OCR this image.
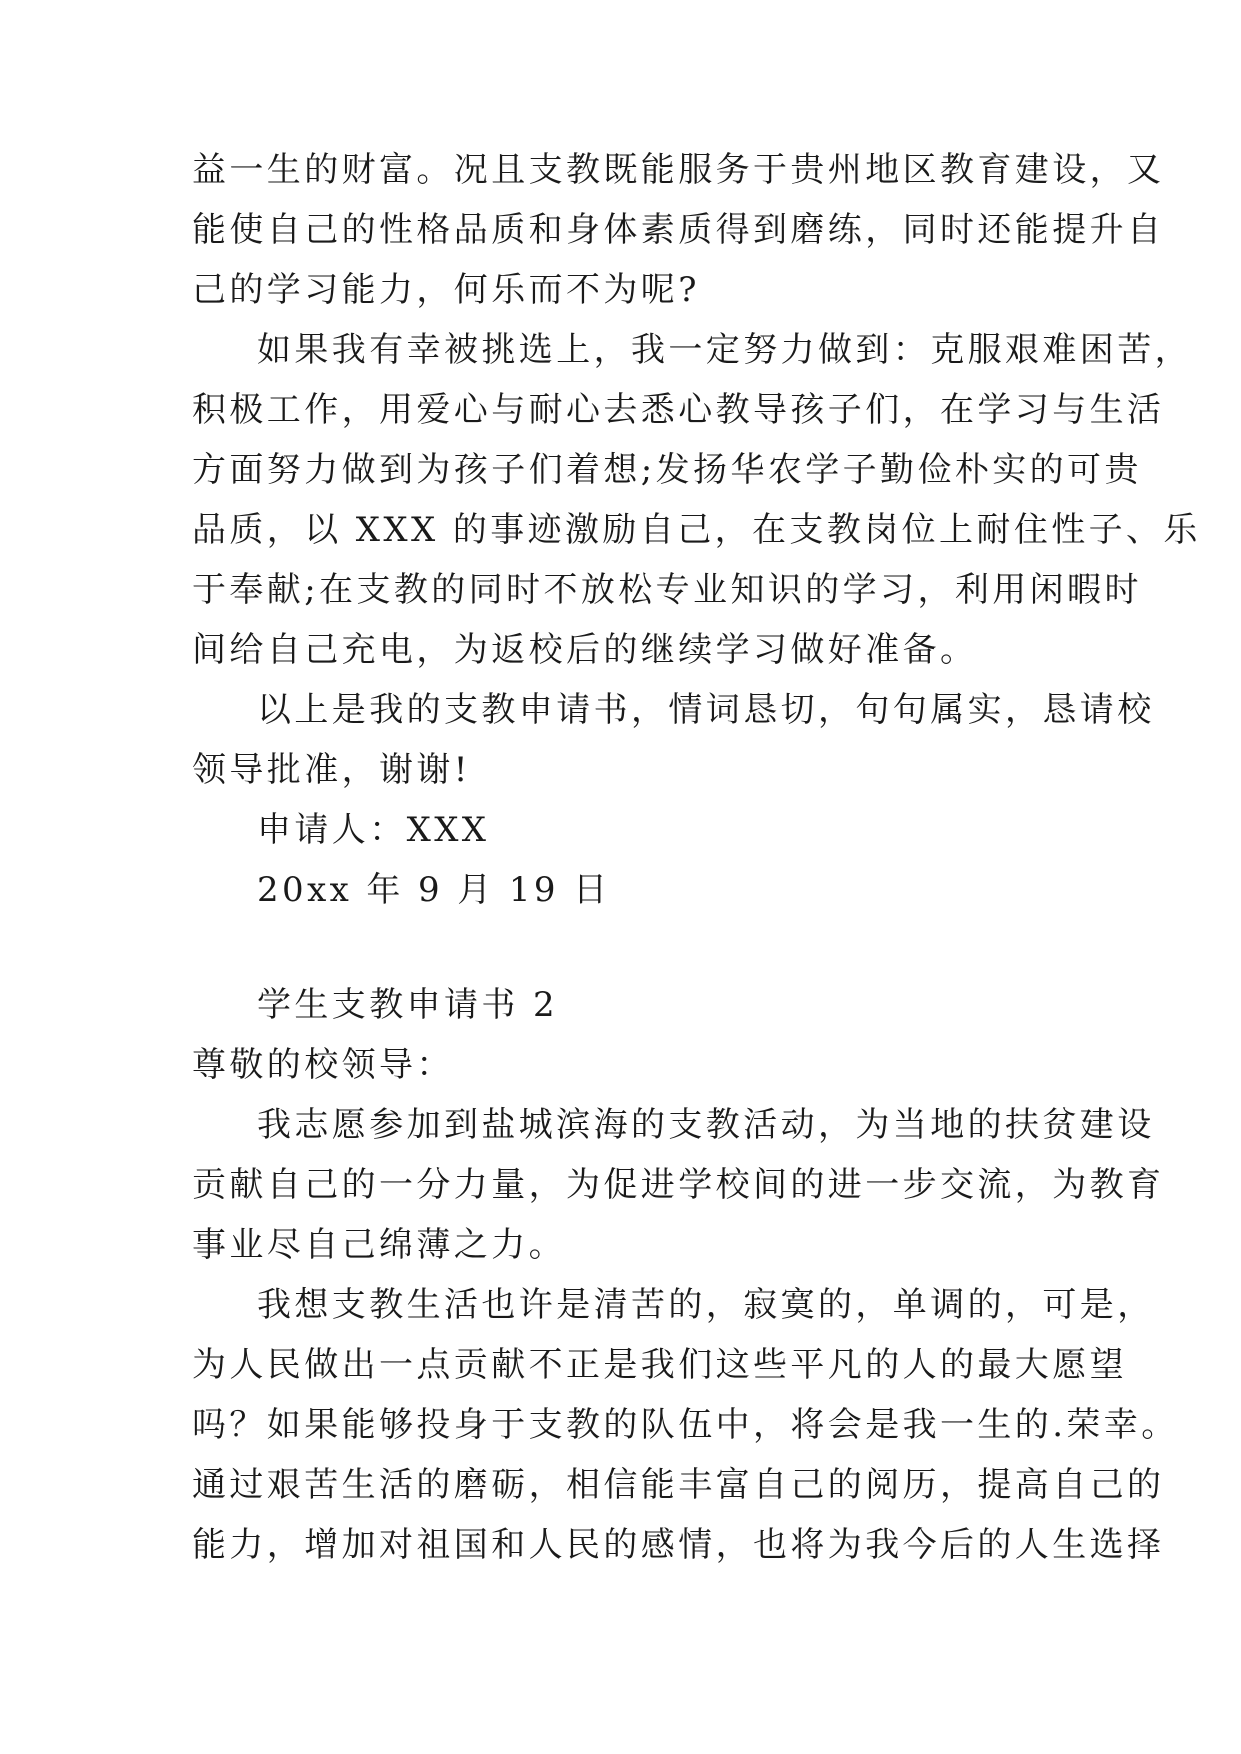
益一生的财富。况且支教既能服务于贵州地区教育建设，又
能使自己的性格品质和身体素质得到磨练，同时还能提升自
己的学习能力，何乐而不为呢?
如果我有幸被挑选上，我一定努力做到：克服艰难困苦，
积极工作，用爱心与耐心去悉心教导孩子们，在学习与生活
方面努力做到为孩子们着想;发扬华农学子勤俭朴实的可贵
品质，以 XXX 的事迹激励自己，在支教岗位上耐住性子、乐
于奉献;在支教的同时不放松专业知识的学习，利用闲暇时
间给自己充电，为返校后的继续学习做好准备。
以上是我的支教申请书，情词恳切，句句属实，恳请校
领导批准，谢谢!
申请人：XXX
20xx 年 9 月 19 日
学生支教申请书 2
尊敬的校领导：
我志愿参加到盐城滨海的支教活动，为当地的扶贫建设
贡献自己的一分力量，为促进学校间的进一步交流，为教育
事业尽自己绵薄之力。
我想支教生活也许是清苦的，寂寞的，单调的，可是，
为人民做出一点贡献不正是我们这些平凡的人的最大愿望
吗？如果能够投身于支教的队伍中，将会是我一生的.荣幸。
通过艰苦生活的磨砺，相信能丰富自己的阅历，提高自己的
能力，增加对祖国和人民的感情，也将为我今后的人生选择
